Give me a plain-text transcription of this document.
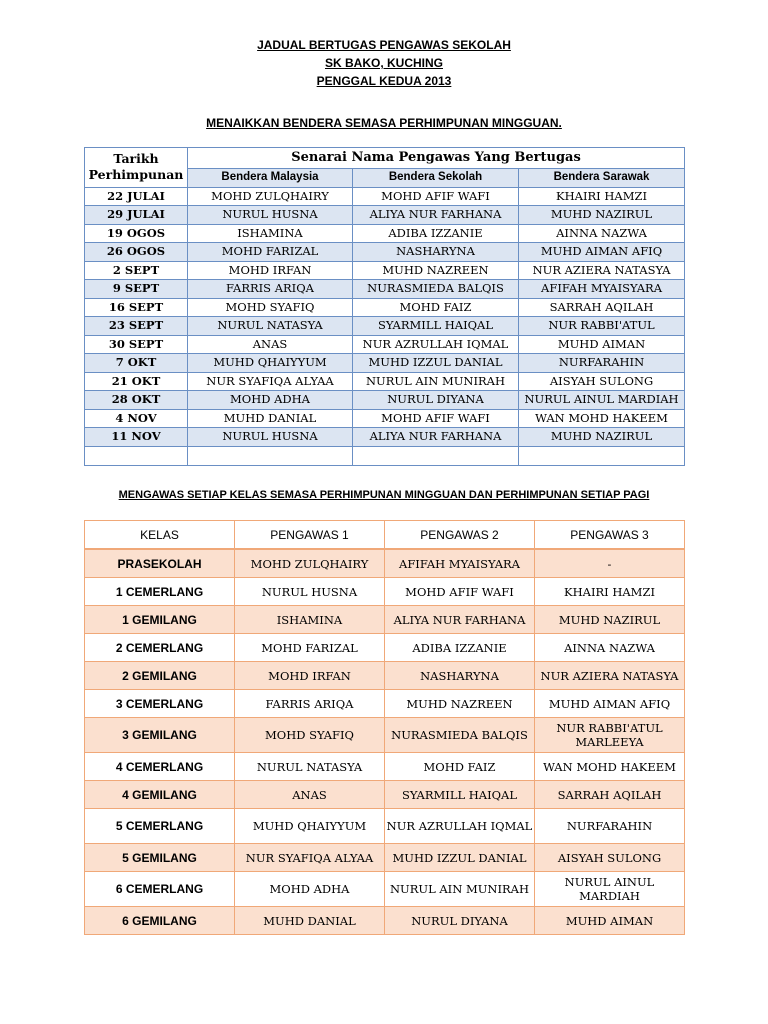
JADUAL BERTUGAS PENGAWAS SEKOLAH
SK BAKO, KUCHING
PENGGAL KEDUA 2013
MENAIKKAN BENDERA SEMASA PERHIMPUNAN MINGGUAN.
Tarikh Perhimpunan	Senarai Nama Pengawas Yang Bertugas		
	Bendera Malaysia	Bendera Sekolah	Bendera Sarawak
22 JULAI	MOHD ZULQHAIRY	MOHD AFIF WAFI	KHAIRI HAMZI
29 JULAI	NURUL HUSNA	ALIYA NUR FARHANA	MUHD NAZIRUL
19 OGOS	ISHAMINA	ADIBA IZZANIE	AINNA NAZWA
26 OGOS	MOHD FARIZAL	NASHARYNA	MUHD AIMAN AFIQ
2 SEPT	MOHD IRFAN	MUHD NAZREEN	NUR AZIERA NATASYA
9 SEPT	FARRIS ARIQA	NURASMIEDA BALQIS	AFIFAH MYAISYARA
16 SEPT	MOHD SYAFIQ	MOHD FAIZ	SARRAH AQILAH
23 SEPT	NURUL NATASYA	SYARMILL HAIQAL	NUR RABBI'ATUL
30 SEPT	ANAS	NUR AZRULLAH IQMAL	MUHD AIMAN
7 OKT	MUHD QHAIYYUM	MUHD IZZUL DANIAL	NURFARAHIN
21 OKT	NUR SYAFIQA ALYAA	NURUL AIN MUNIRAH	AISYAH SULONG
28 OKT	MOHD ADHA	NURUL DIYANA	NURUL AINUL MARDIAH
4 NOV	MUHD DANIAL	MOHD AFIF WAFI	WAN MOHD HAKEEM
11 NOV	NURUL HUSNA	ALIYA NUR FARHANA	MUHD NAZIRUL

MENGAWAS SETIAP KELAS SEMASA PERHIMPUNAN MINGGUAN DAN PERHIMPUNAN SETIAP PAGI
KELAS	PENGAWAS 1	PENGAWAS 2	PENGAWAS 3
PRASEKOLAH	MOHD ZULQHAIRY	AFIFAH MYAISYARA	-
1 CEMERLANG	NURUL HUSNA	MOHD AFIF WAFI	KHAIRI HAMZI
1 GEMILANG	ISHAMINA	ALIYA NUR FARHANA	MUHD NAZIRUL
2 CEMERLANG	MOHD FARIZAL	ADIBA IZZANIE	AINNA NAZWA
2 GEMILANG	MOHD IRFAN	NASHARYNA	NUR AZIERA NATASYA
3 CEMERLANG	FARRIS ARIQA	MUHD NAZREEN	MUHD AIMAN AFIQ
3 GEMILANG	MOHD SYAFIQ	NURASMIEDA BALQIS	NUR RABBI'ATUL MARLEEYA
4 CEMERLANG	NURUL NATASYA	MOHD FAIZ	WAN MOHD HAKEEM
4 GEMILANG	ANAS	SYARMILL HAIQAL	SARRAH AQILAH
5 CEMERLANG	MUHD QHAIYYUM	NUR AZRULLAH IQMAL	NURFARAHIN
5 GEMILANG	NUR SYAFIQA ALYAA	MUHD IZZUL DANIAL	AISYAH SULONG
6 CEMERLANG	MOHD ADHA	NURUL AIN MUNIRAH	NURUL AINUL MARDIAH
6 GEMILANG	MUHD DANIAL	NURUL DIYANA	MUHD AIMAN
